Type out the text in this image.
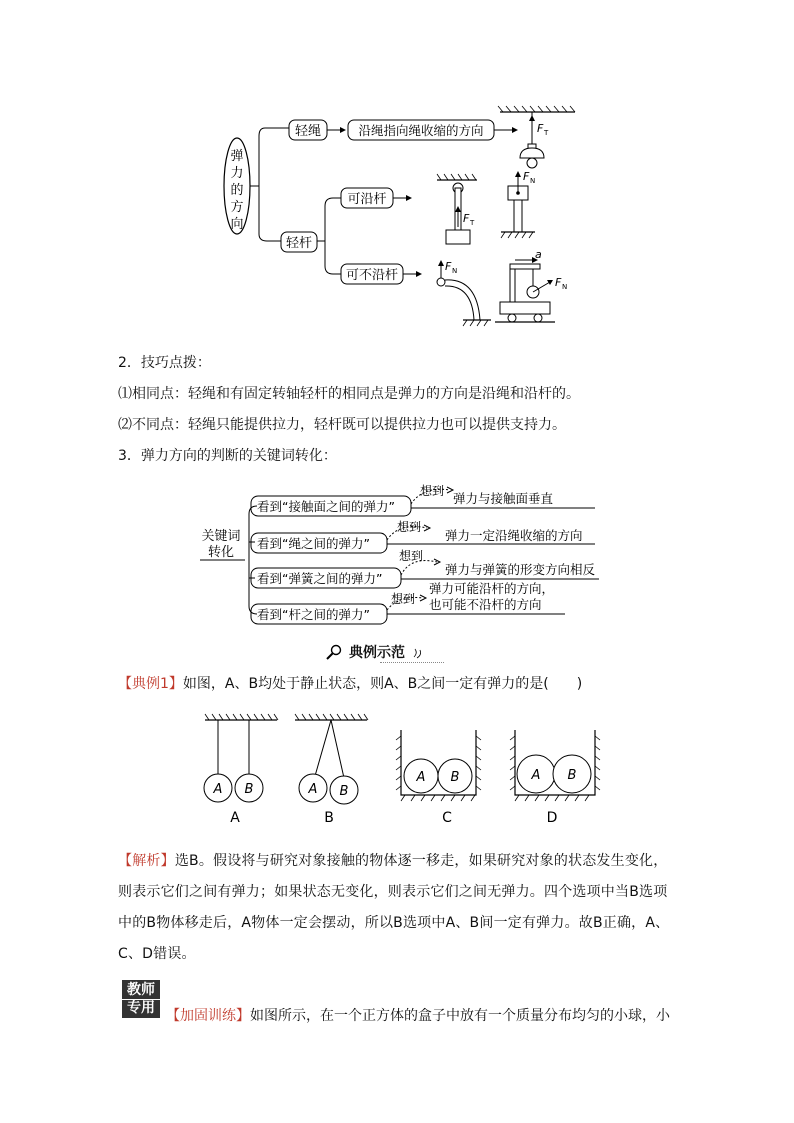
弹
力
的
方
向
轻绳	沿绳指向绳收缩的方向	F T
轻杆
可沿杆
可不沿杆
F T
F N
F N
a
F N
2．技巧点拨：
⑴相同点：轻绳和有固定转轴轻杆的相同点是弹力的方向是沿绳和沿杆的。
⑵不同点：轻绳只能提供拉力，轻杆既可以提供拉力也可以提供支持力。
3．弹力方向的判断的关键词转化：
关键词
转化
看到“接触面之间的弹力”
想到 弹力与接触面垂直
看到“绳之间的弹力”
想到
弹力一定沿绳收缩的方向
看到“弹簧之间的弹力”
想到
弹力与弹簧的形变方向相反
看到“杆之间的弹力”
想到
弹力可能沿杆的方向，
也可能不沿杆的方向
典例示范
【典例1】如图，A、B均处于静止状态，则A、B之间一定有弹力的是(　　)
A B
A
A B
B
A B
C
A B
D
【解析】选B。假设将与研究对象接触的物体逐一移走，如果研究对象的状态发生变化，则表示它们之间有弹力；如果状态无变化，则表示它们之间无弹力。四个选项中当B选项中的B物体移走后，A物体一定会摆动，所以B选项中A、B间一定有弹力。故B正确，A、C、D错误。
教师
专用 【加固训练】如图所示，在一个正方体的盒子中放有一个质量分布均匀的小球，小
